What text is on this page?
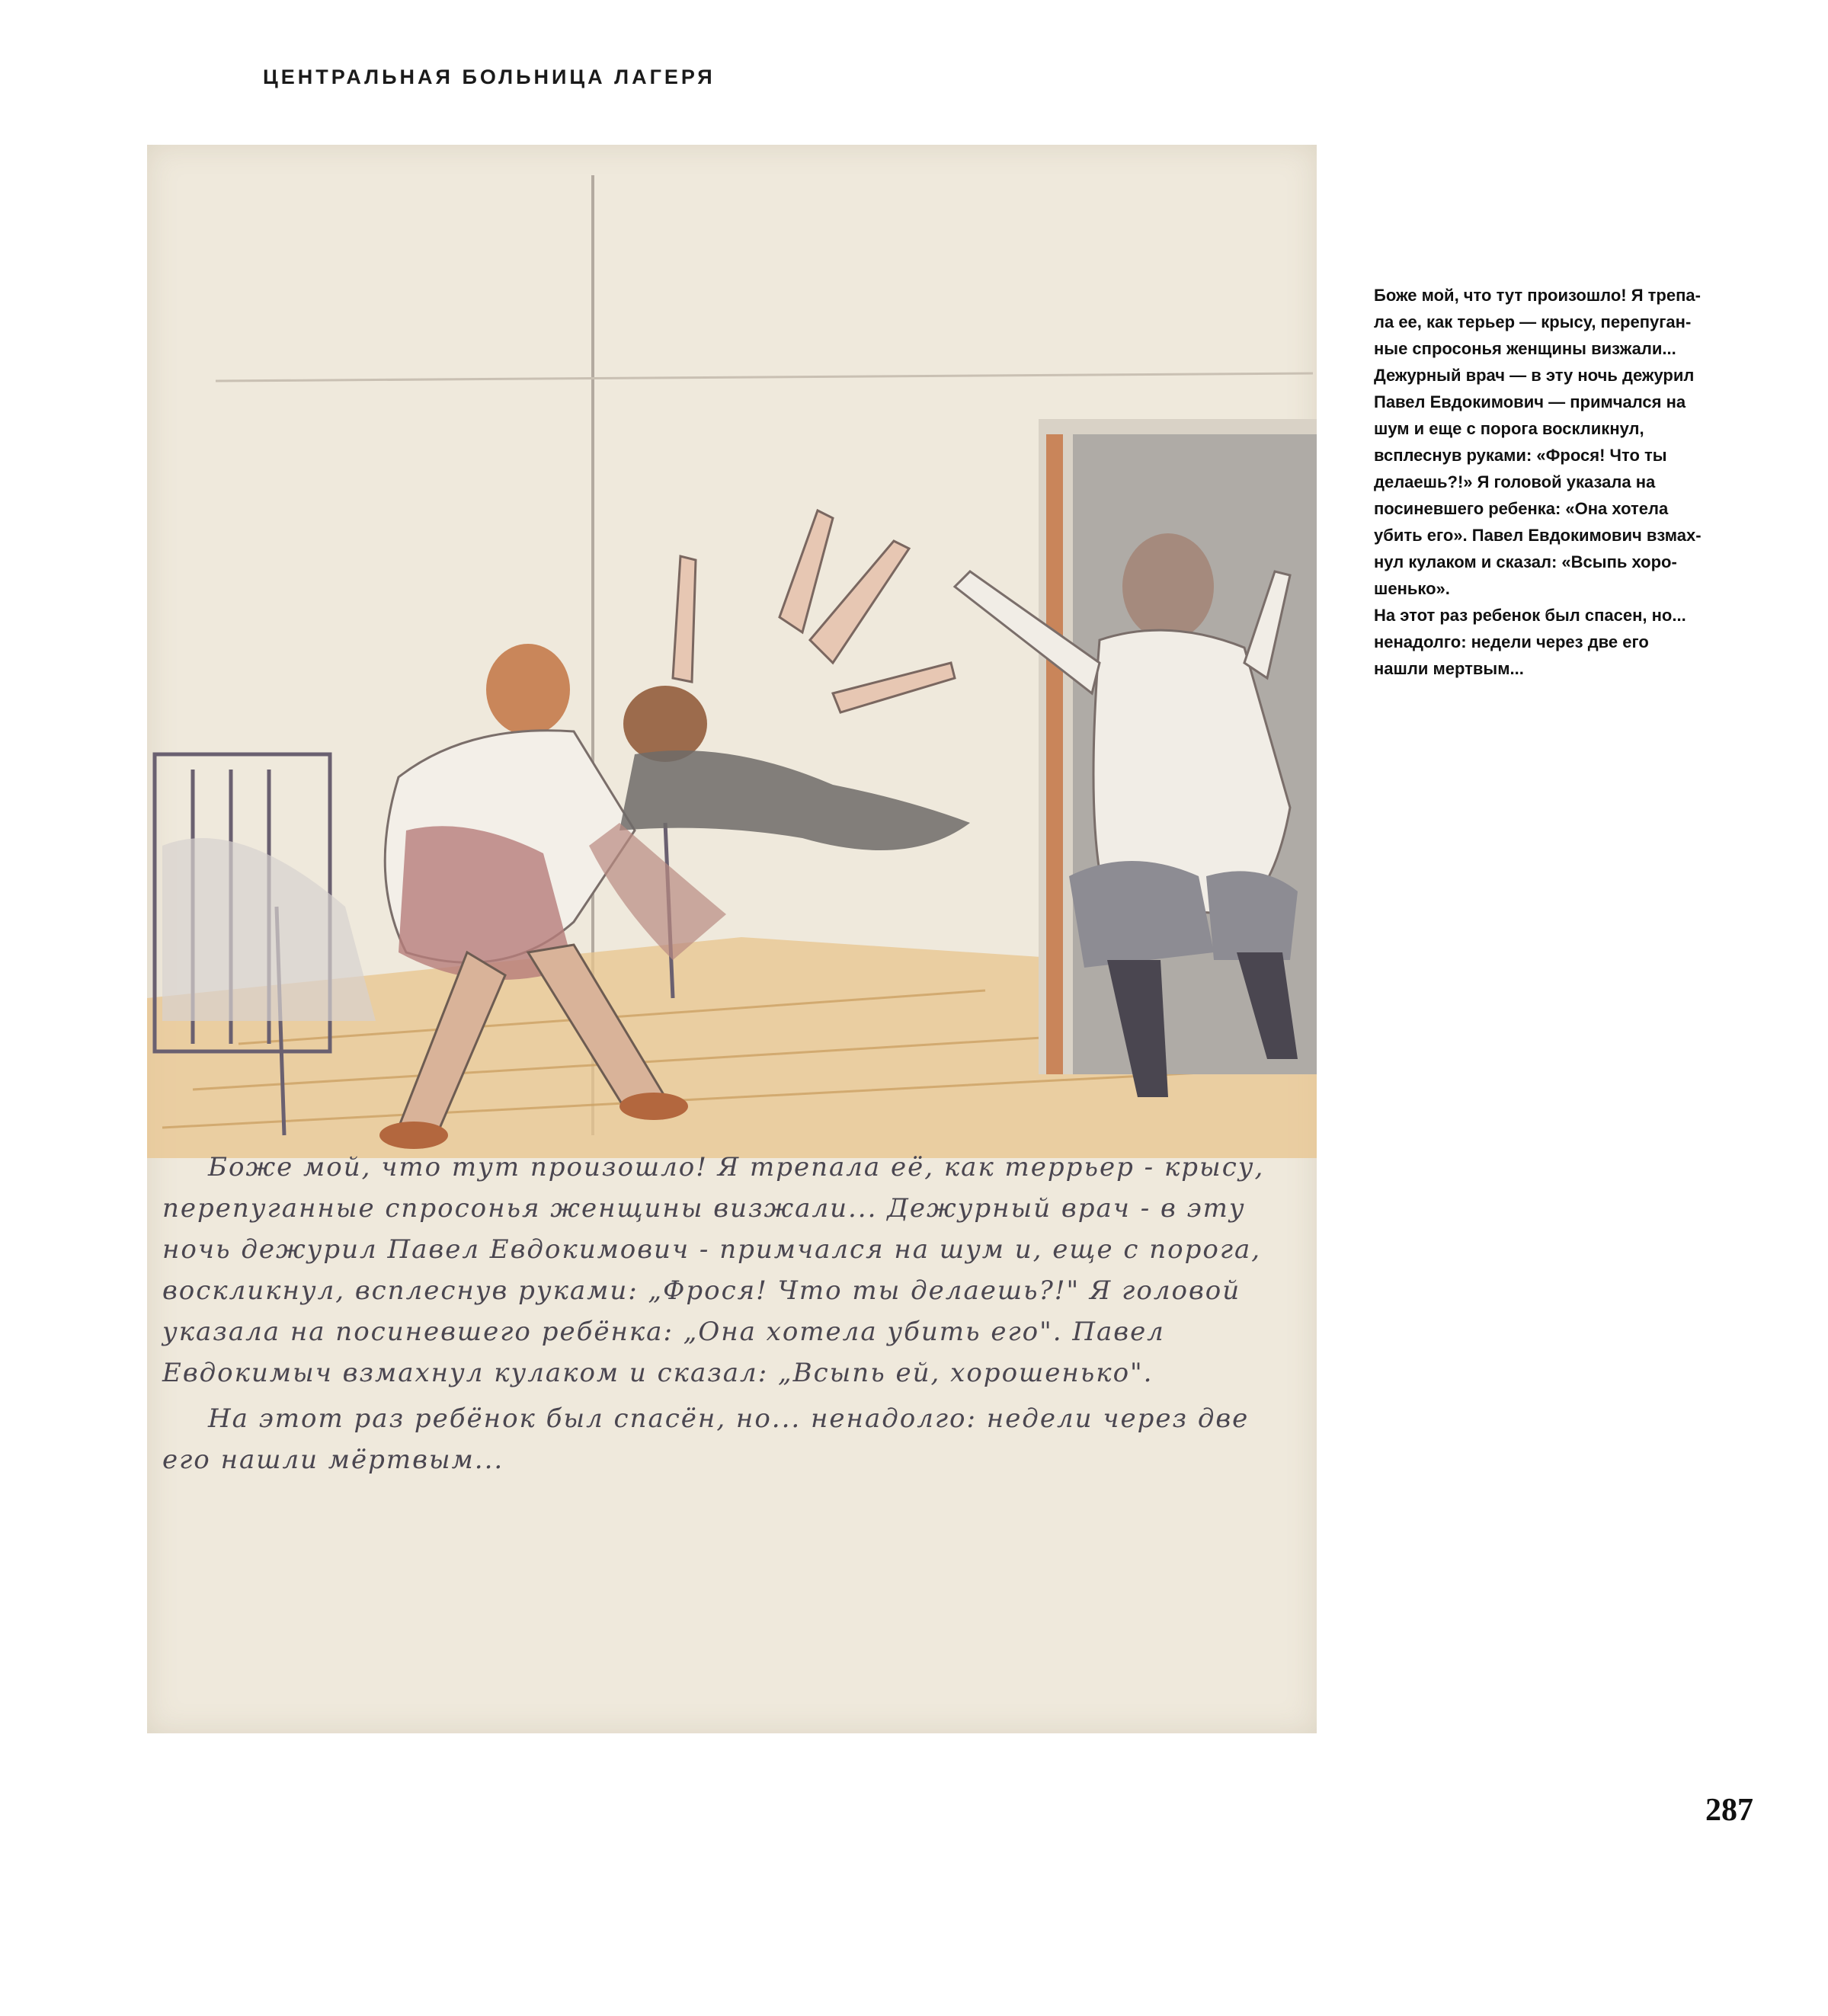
ЦЕНТРАЛЬНАЯ БОЛЬНИЦА ЛАГЕРЯ

Боже мой, что тут произошло! Я трепала её, как террьер - крысу, перепуганные спросонья женщины визжали... Дежурный врач - в эту ночь дежурил Павел Евдокимович - примчался на шум и, еще с порога, воскликнул, всплеснув руками: „Фрося! Что ты делаешь?!" Я головой указала на посиневшего ребёнка: „Она хотела убить его". Павел Евдокимыч взмахнул кулаком и сказал: „Всыпь ей, хорошенько".

На этот раз ребёнок был спасён, но... ненадолго: недели через две его нашли мёртвым...

Боже мой, что тут произошло! Я трепа-

ла ее, как терьер — крысу, перепуган-

ные спросонья женщины визжали...

Дежурный врач — в эту ночь дежурил

Павел Евдокимович — примчался на

шум и еще с порога воскликнул,

всплеснув руками: «Фрося! Что ты

делаешь?!» Я головой указала на

посиневшего ребенка: «Она хотела

убить его». Павел Евдокимович взмах-

нул кулаком и сказал: «Всыпь хоро-

шенько».

На этот раз ребенок был спасен, но...

ненадолго: недели через две его

нашли мертвым...

287
